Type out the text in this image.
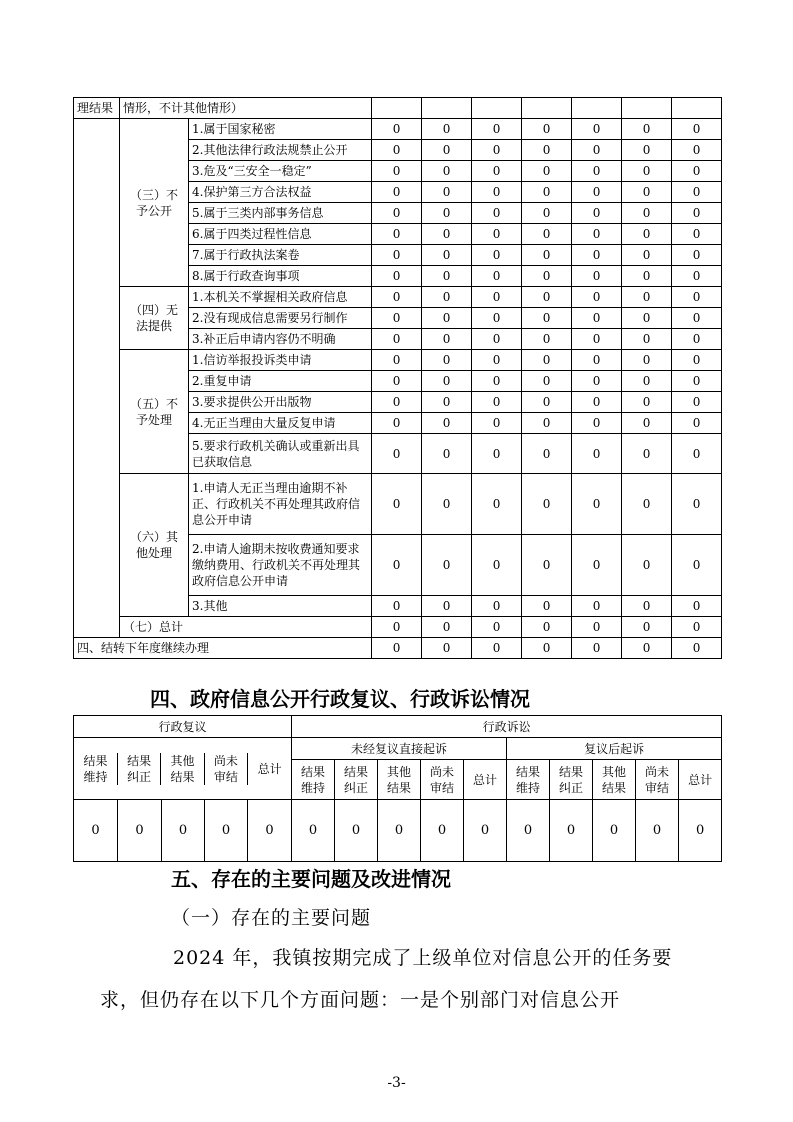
理结果	情形，不计其他情形）								
	（三）不予公开	1.属于国家秘密	0	0	0	0	0	0	0
		2.其他法律行政法规禁止公开	0	0	0	0	0	0	0
		3.危及“三安全一稳定”	0	0	0	0	0	0	0
		4.保护第三方合法权益	0	0	0	0	0	0	0
		5.属于三类内部事务信息	0	0	0	0	0	0	0
		6.属于四类过程性信息	0	0	0	0	0	0	0
		7.属于行政执法案卷	0	0	0	0	0	0	0
		8.属于行政查询事项	0	0	0	0	0	0	0
	（四）无法提供	1.本机关不掌握相关政府信息	0	0	0	0	0	0	0
		2.没有现成信息需要另行制作	0	0	0	0	0	0	0
		3.补正后申请内容仍不明确	0	0	0	0	0	0	0
	（五）不予处理	1.信访举报投诉类申请	0	0	0	0	0	0	0
		2.重复申请	0	0	0	0	0	0	0
		3.要求提供公开出版物	0	0	0	0	0	0	0
		4.无正当理由大量反复申请	0	0	0	0	0	0	0
		5.要求行政机关确认或重新出具已获取信息	0	0	0	0	0	0	0
	（六）其他处理	1.申请人无正当理由逾期不补正、行政机关不再处理其政府信息公开申请	0	0	0	0	0	0	0
		2.申请人逾期未按收费通知要求缴纳费用、行政机关不再处理其政府信息公开申请	0	0	0	0	0	0	0
		3.其他	0	0	0	0	0	0	0
	（七）总计		0	0	0	0	0	0	0
四、结转下年度继续办理			0	0	0	0	0	0	0
四、政府信息公开行政复议、行政诉讼情况
行政复议	行政诉讼

结果维持	结果纠正	其他结果	尚未审结	总计
	未经复议直接起诉	复议后起诉
结果维持	结果纠正	其他结果	尚未审结	总计	结果维持	结果纠正	其他结果	尚未审结	总计
0	0	0	0	0	0	0	0	0	0	0	0	0	0	0
五、存在的主要问题及改进情况
（一）存在的主要问题
2024 年，我镇按期完成了上级单位对信息公开的任务要
求，但仍存在以下几个方面问题：一是个别部门对信息公开
-3-
